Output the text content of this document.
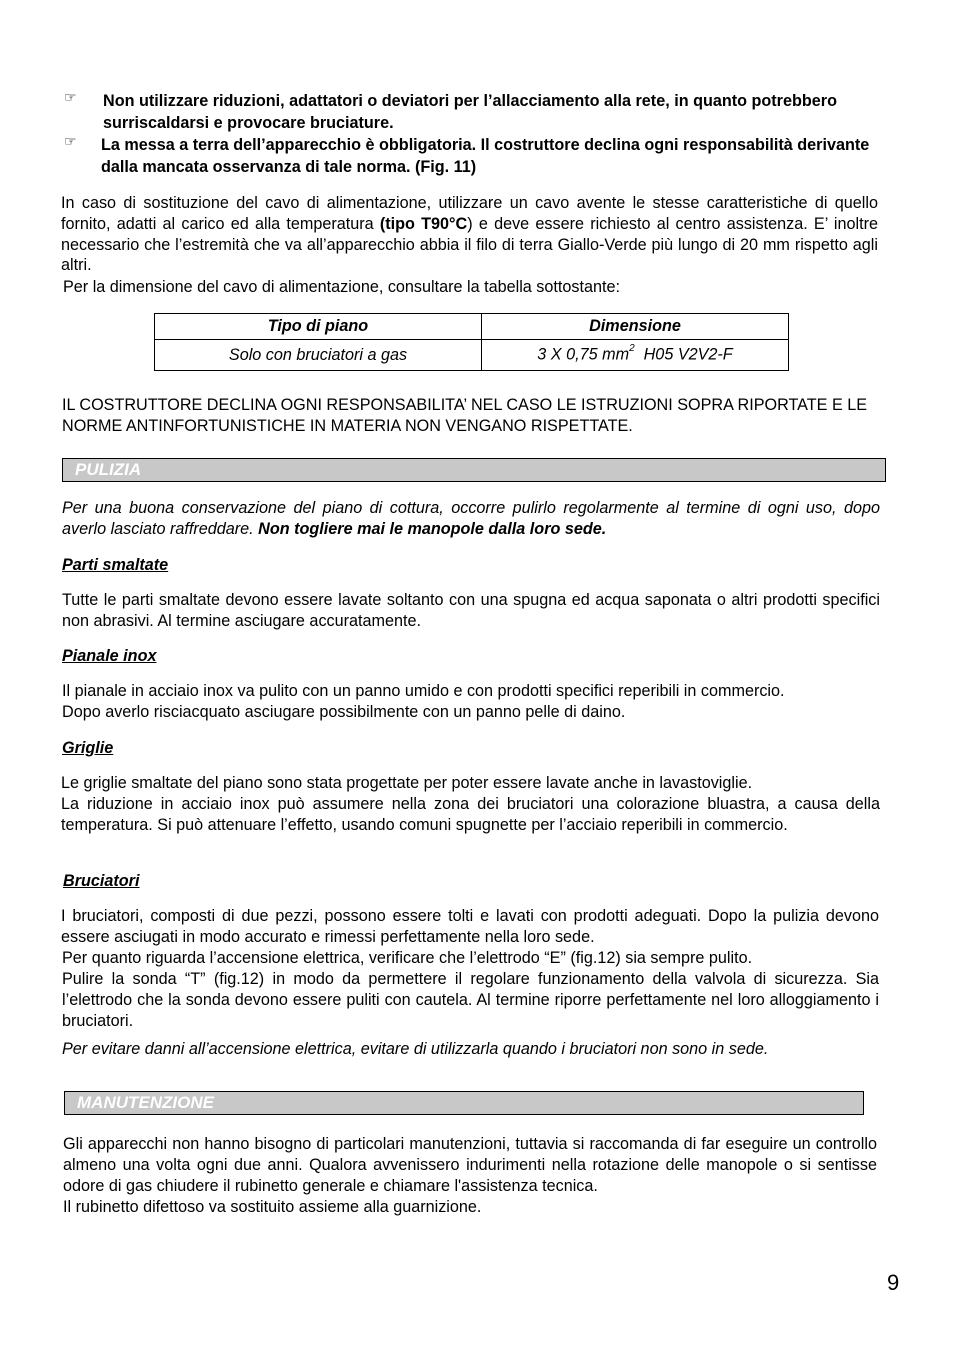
☞ Non utilizzare riduzioni, adattatori o deviatori per l’allacciamento alla rete, in quanto potrebbero surriscaldarsi e provocare bruciature.
☞ La messa a terra dell’apparecchio è obbligatoria. Il costruttore declina ogni responsabilità derivante dalla mancata osservanza di tale norma. (Fig. 11)
In caso di sostituzione del cavo di alimentazione, utilizzare un cavo avente le stesse caratteristiche di quello fornito, adatti al carico ed alla temperatura (tipo T90°C) e deve essere richiesto al centro assistenza. E’ inoltre necessario che l’estremità che va all’apparecchio abbia il filo di terra Giallo-Verde più lungo di 20 mm rispetto agli altri.
Per la dimensione del cavo di alimentazione, consultare la tabella sottostante:
Tipo di piano	Dimensione
Solo con bruciatori a gas	3 X 0,75 $mm^2$  H05 V2V2-F
IL COSTRUTTORE DECLINA OGNI RESPONSABILITA’ NEL CASO LE ISTRUZIONI SOPRA RIPORTATE E LE NORME ANTINFORTUNISTICHE IN MATERIA NON VENGANO RISPETTATE.
PULIZIA
Per una buona conservazione del piano di cottura, occorre pulirlo regolarmente al termine di ogni uso, dopo averlo lasciato raffreddare. Non togliere mai le manopole dalla loro sede.
Parti smaltate
Tutte le parti smaltate devono essere lavate soltanto con una spugna ed acqua saponata o altri prodotti specifici non abrasivi. Al termine asciugare accuratamente.
Pianale inox
Il pianale in acciaio inox va pulito con un panno umido e con prodotti specifici reperibili in commercio.
Dopo averlo risciacquato asciugare possibilmente con un panno pelle di daino.
Griglie
Le griglie smaltate del piano sono stata progettate per poter essere lavate anche in lavastoviglie.
La riduzione in acciaio inox può assumere nella zona dei bruciatori una colorazione bluastra, a causa della temperatura. Si può attenuare l’effetto, usando comuni spugnette per l’acciaio reperibili in commercio.
Bruciatori
I bruciatori, composti di due pezzi, possono essere tolti e lavati con prodotti adeguati. Dopo la pulizia devono essere asciugati in modo accurato e rimessi perfettamente nella loro sede.
Per quanto riguarda l’accensione elettrica, verificare che l’elettrodo “E” (fig.12) sia sempre pulito.
Pulire la sonda “T” (fig.12) in modo da permettere il regolare funzionamento della valvola di sicurezza. Sia l’elettrodo che la sonda devono essere puliti con cautela. Al termine riporre perfettamente nel loro alloggiamento i bruciatori.
Per evitare danni all’accensione elettrica, evitare di utilizzarla quando i bruciatori non sono in sede.
MANUTENZIONE
Gli apparecchi non hanno bisogno di particolari manutenzioni, tuttavia si raccomanda di far eseguire un controllo almeno una volta ogni due anni. Qualora avvenissero indurimenti nella rotazione delle manopole o si sentisse odore di gas chiudere il rubinetto generale e chiamare l'assistenza tecnica.
Il rubinetto difettoso va sostituito assieme alla guarnizione.
9
